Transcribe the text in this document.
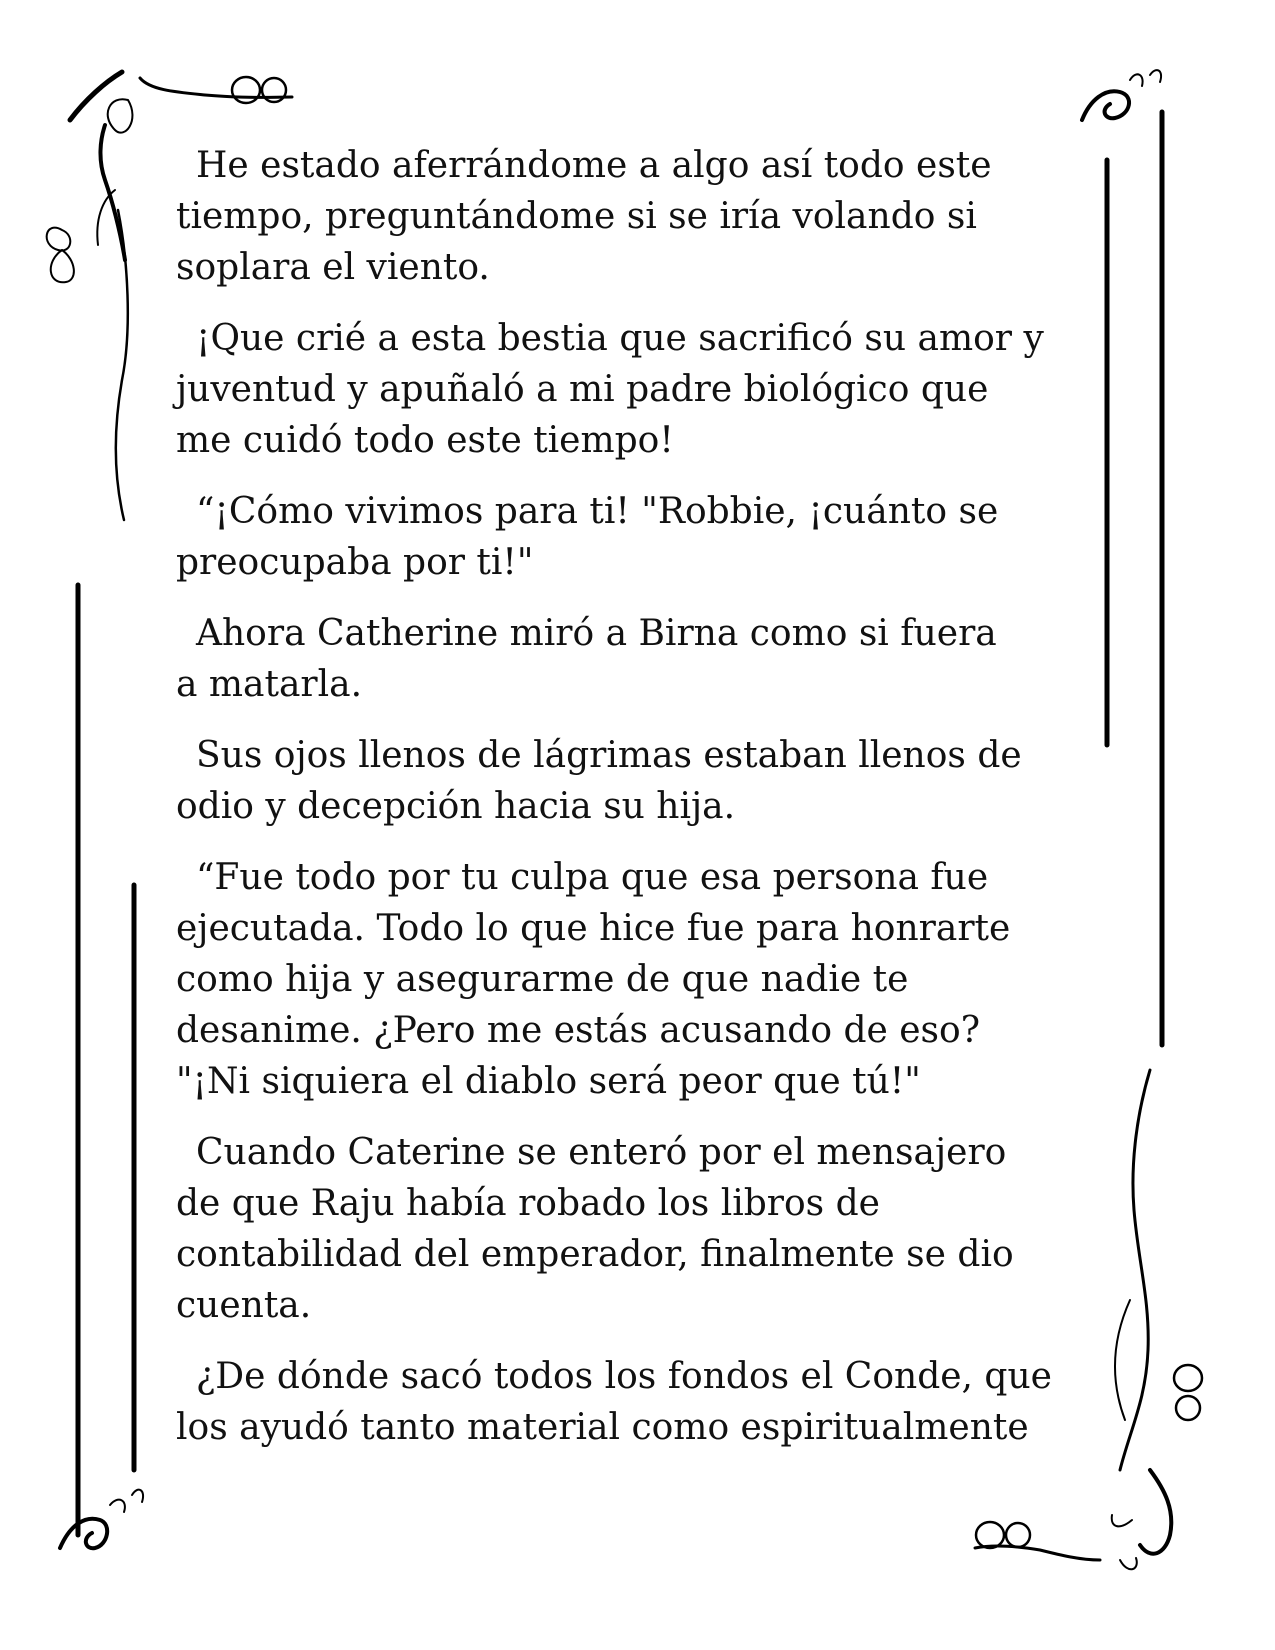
He estado aferrándome a algo así todo este
tiempo, preguntándome si se iría volando si
soplara el viento.

¡Que crié a esta bestia que sacrificó su amor y
juventud y apuñaló a mi padre biológico que
me cuidó todo este tiempo!

“¡Cómo vivimos para ti! "Robbie, ¡cuánto se
preocupaba por ti!"

Ahora Catherine miró a Birna como si fuera
a matarla.

Sus ojos llenos de lágrimas estaban llenos de
odio y decepción hacia su hija.

“Fue todo por tu culpa que esa persona fue
ejecutada. Todo lo que hice fue para honrarte
como hija y asegurarme de que nadie te
desanime. ¿Pero me estás acusando de eso?
"¡Ni siquiera el diablo será peor que tú!"

Cuando Caterine se enteró por el mensajero
de que Raju había robado los libros de
contabilidad del emperador, finalmente se dio
cuenta.

¿De dónde sacó todos los fondos el Conde, que
los ayudó tanto material como espiritualmente
